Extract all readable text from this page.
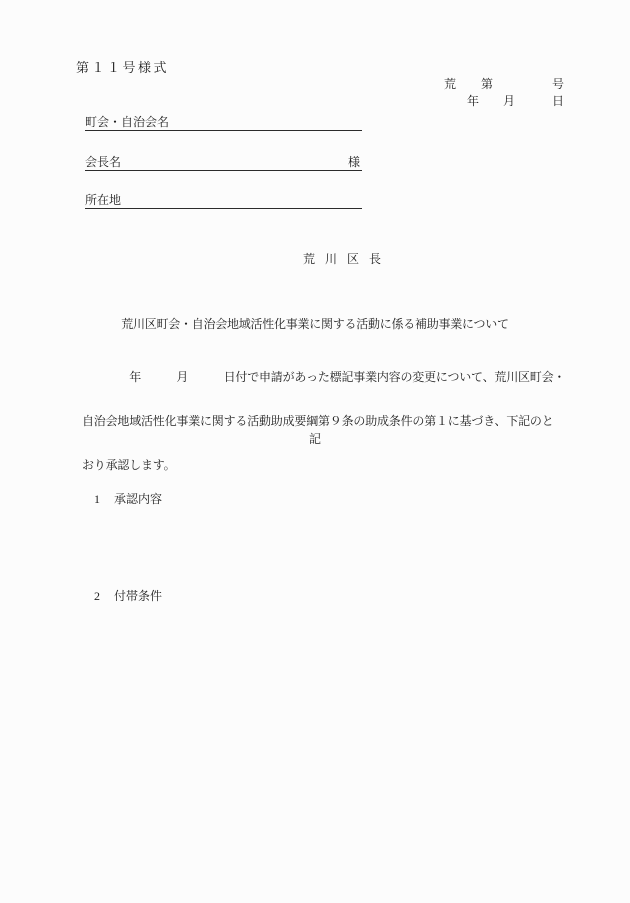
第１１号様式
荒 第	号
年 月	日
町会・自治会名
会長名	様
所在地
荒川区長
荒川区町会・自治会地域活性化事業に関する活動に係る補助事業について

　　　　年　　　月　　　日付で申請があった標記事業内容の変更について、荒川区町会・

自治会地域活性化事業に関する活動助成要綱第９条の助成条件の第１に基づき、下記のと

おり承認します。

記

1 承認内容

2 付帯条件
